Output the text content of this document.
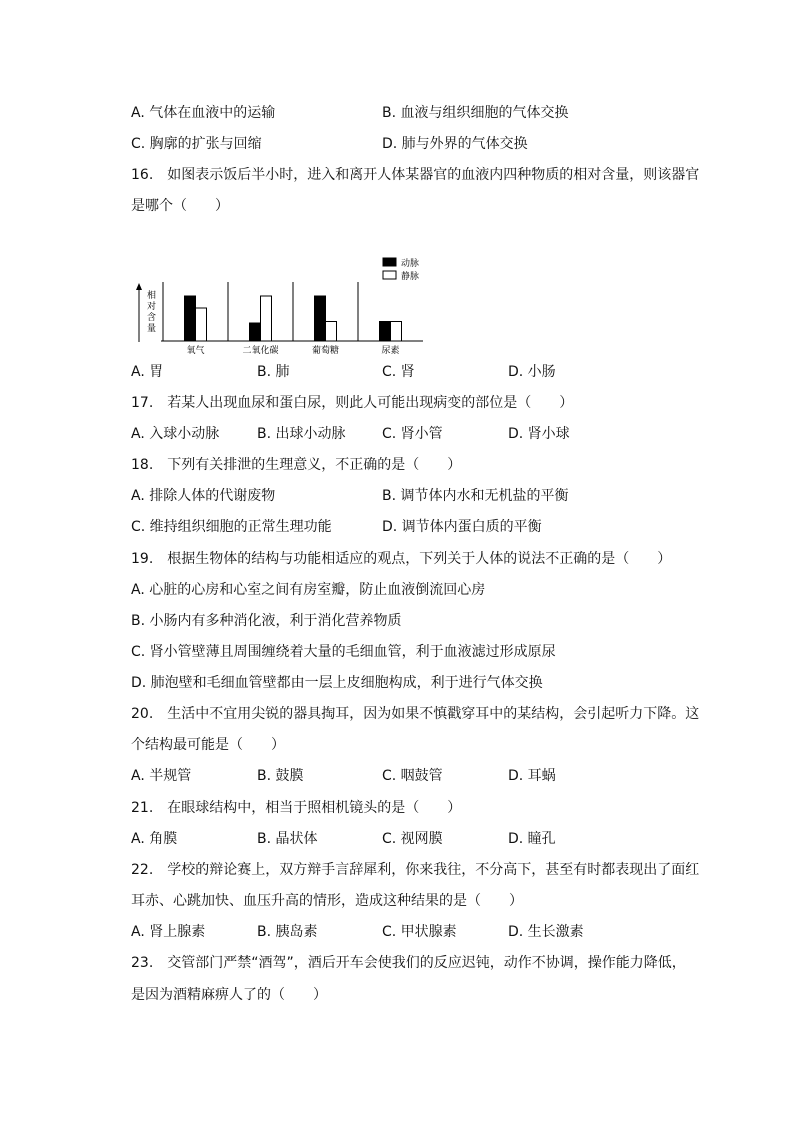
A. 气体在血液中的运输	B. 血液与组织细胞的气体交换
C. 胸廓的扩张与回缩	D. 肺与外界的气体交换
16.　如图表示饭后半小时，进入和离开人体某器官的血液内四种物质的相对含量，则该器官
是哪个（　　）
相
对
含
量
氧气	二氧化碳	葡萄糖	尿素
动脉
静脉
A. 胃	B. 肺	C. 肾	D. 小肠
17.　若某人出现血尿和蛋白尿，则此人可能出现病变的部位是（　　）
A. 入球小动脉	B. 出球小动脉	C. 肾小管	D. 肾小球
18.　下列有关排泄的生理意义，不正确的是（　　）
A. 排除人体的代谢废物	B. 调节体内水和无机盐的平衡
C. 维持组织细胞的正常生理功能	D. 调节体内蛋白质的平衡
19.　根据生物体的结构与功能相适应的观点，下列关于人体的说法不正确的是（　　）
A. 心脏的心房和心室之间有房室瓣，防止血液倒流回心房
B. 小肠内有多种消化液，利于消化营养物质
C. 肾小管壁薄且周围缠绕着大量的毛细血管，利于血液滤过形成原尿
D. 肺泡壁和毛细血管壁都由一层上皮细胞构成，利于进行气体交换
20.　生活中不宜用尖锐的器具掏耳，因为如果不慎戳穿耳中的某结构，会引起听力下降。这
个结构最可能是（　　）
A. 半规管	B. 鼓膜	C. 咽鼓管	D. 耳蜗
21.　在眼球结构中，相当于照相机镜头的是（　　）
A. 角膜	B. 晶状体	C. 视网膜	D. 瞳孔
22.　学校的辩论赛上，双方辩手言辞犀利，你来我往，不分高下，甚至有时都表现出了面红
耳赤、心跳加快、血压升高的情形，造成这种结果的是（　　）
A. 肾上腺素	B. 胰岛素	C. 甲状腺素	D. 生长激素
23.　交管部门严禁“酒驾”，酒后开车会使我们的反应迟钝，动作不协调，操作能力降低，
是因为酒精麻痹人了的（　　）
